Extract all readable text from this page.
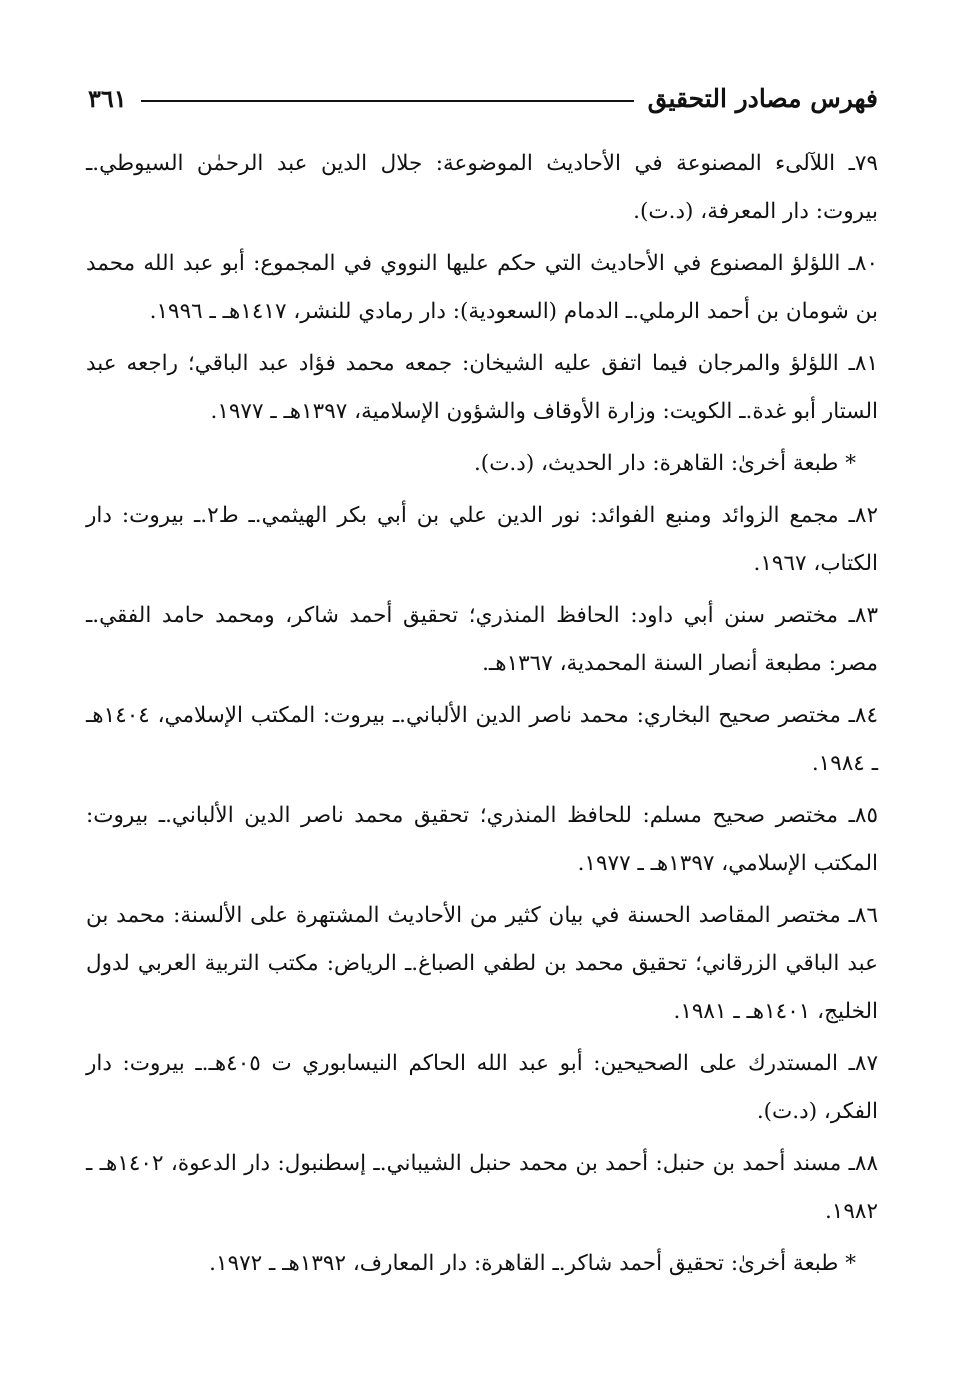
فهرس مصادر التحقيق
٣٦١

٧٩ـ اللآلىء المصنوعة في الأحاديث الموضوعة: جلال الدين عبد الرحمٰن السيوطي.ـ بيروت: دار المعرفة، (د.ت).

٨٠ـ اللؤلؤ المصنوع في الأحاديث التي حكم عليها النووي في المجموع: أبو عبد الله محمد بن شومان بن أحمد الرملي.ـ الدمام (السعودية): دار رمادي للنشر، ١٤١٧هـ ـ ١٩٩٦.

٨١ـ اللؤلؤ والمرجان فيما اتفق عليه الشيخان: جمعه محمد فؤاد عبد الباقي؛ راجعه عبد الستار أبو غدة.ـ الكويت: وزارة الأوقاف والشؤون الإسلامية، ١٣٩٧هـ ـ ١٩٧٧.

* طبعة أخرىٰ: القاهرة: دار الحديث، (د.ت).

٨٢ـ مجمع الزوائد ومنبع الفوائد: نور الدين علي بن أبي بكر الهيثمي.ـ ط٢.ـ بيروت: دار الكتاب، ١٩٦٧.

٨٣ـ مختصر سنن أبي داود: الحافظ المنذري؛ تحقيق أحمد شاكر، ومحمد حامد الفقي.ـ مصر: مطبعة أنصار السنة المحمدية، ١٣٦٧هـ.

٨٤ـ مختصر صحيح البخاري: محمد ناصر الدين الألباني.ـ بيروت: المكتب الإسلامي، ١٤٠٤هـ ـ ١٩٨٤.

٨٥ـ مختصر صحيح مسلم: للحافظ المنذري؛ تحقيق محمد ناصر الدين الألباني.ـ بيروت: المكتب الإسلامي، ١٣٩٧هـ ـ ١٩٧٧.

٨٦ـ مختصر المقاصد الحسنة في بيان كثير من الأحاديث المشتهرة على الألسنة: محمد بن عبد الباقي الزرقاني؛ تحقيق محمد بن لطفي الصباغ.ـ الرياض: مكتب التربية العربي لدول الخليج، ١٤٠١هـ ـ ١٩٨١.

٨٧ـ المستدرك على الصحيحين: أبو عبد الله الحاكم النيسابوري ت ٤٠٥هـ.ـ بيروت: دار الفكر، (د.ت).

٨٨ـ مسند أحمد بن حنبل: أحمد بن محمد حنبل الشيباني.ـ إسطنبول: دار الدعوة، ١٤٠٢هـ ـ ١٩٨٢.

* طبعة أخرىٰ: تحقيق أحمد شاكر.ـ القاهرة: دار المعارف، ١٣٩٢هـ ـ ١٩٧٢.
